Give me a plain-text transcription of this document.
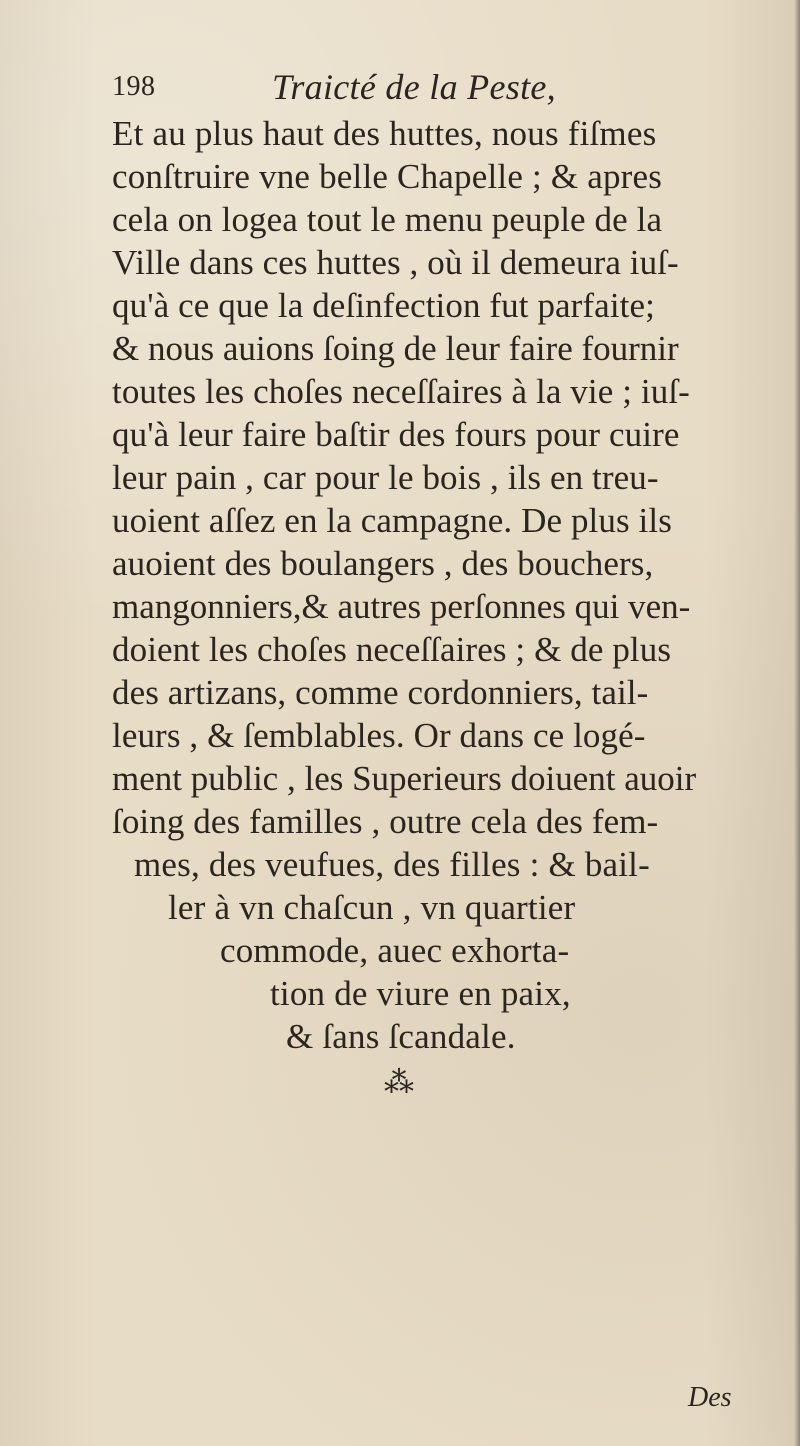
198	Traicté de la Peste,
Et au plus haut des huttes, nous fiſmes
conſtruire vne belle Chapelle ; & apres
cela on logea tout le menu peuple de la
Ville dans ces huttes , où il demeura iuſ-
qu'à ce que la deſinfection fut parfaite;
& nous auions ſoing de leur faire fournir
toutes les choſes neceſſaires à la vie ; iuſ-
qu'à leur faire baſtir des fours pour cuire
leur pain , car pour le bois , ils en treu-
uoient aſſez en la campagne. De plus ils
auoient des boulangers , des bouchers,
mangonniers,& autres perſonnes qui ven-
doient les choſes neceſſaires ; & de plus
des artizans, comme cordonniers, tail-
leurs , & ſemblables. Or dans ce logé-
ment public , les Superieurs doiuent auoir
ſoing des familles , outre cela des fem-
mes, des veufues, des filles : & bail-
ler à vn chaſcun , vn quartier
commode, auec exhorta-
tion de viure en paix,
& ſans ſcandale.
⁂
Des
